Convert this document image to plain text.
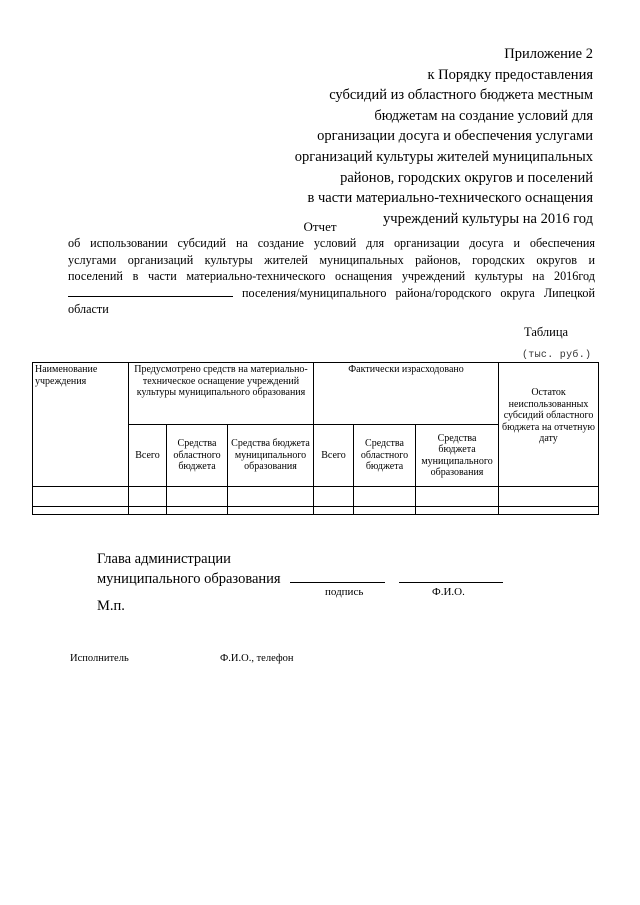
Приложение 2
к Порядку предоставления
субсидий из областного бюджета местным
бюджетам на создание условий для
организации досуга и обеспечения услугами
организаций культуры жителей муниципальных
районов, городских округов и поселений
в части материально-технического оснащения
учреждений культуры на 2016 год
Отчет
об использовании субсидий на создание условий для организации досуга и обеспечения
услугами организаций культуры жителей муниципальных районов, городских округов и
поселений в части материально-технического оснащения учреждений культуры на 2016год
поселения/муниципального района/городского округа Липецкой
области
Таблица
(тыс. руб.)
Наименование учреждения	Предусмотрено средств на материально-техническое оснащение учреждений культуры муниципального образования			Фактически израсходовано			Остаток неиспользованных субсидий областного бюджета на отчетную дату
	Всего	Средства областного бюджета	Средства бюджета муниципального образования	Всего	Средства областного бюджета	Средства бюджета муниципального образования	

Глава администрации
муниципального образования
подпись	Ф.И.О.
М.п.
Исполнитель	Ф.И.О., телефон
